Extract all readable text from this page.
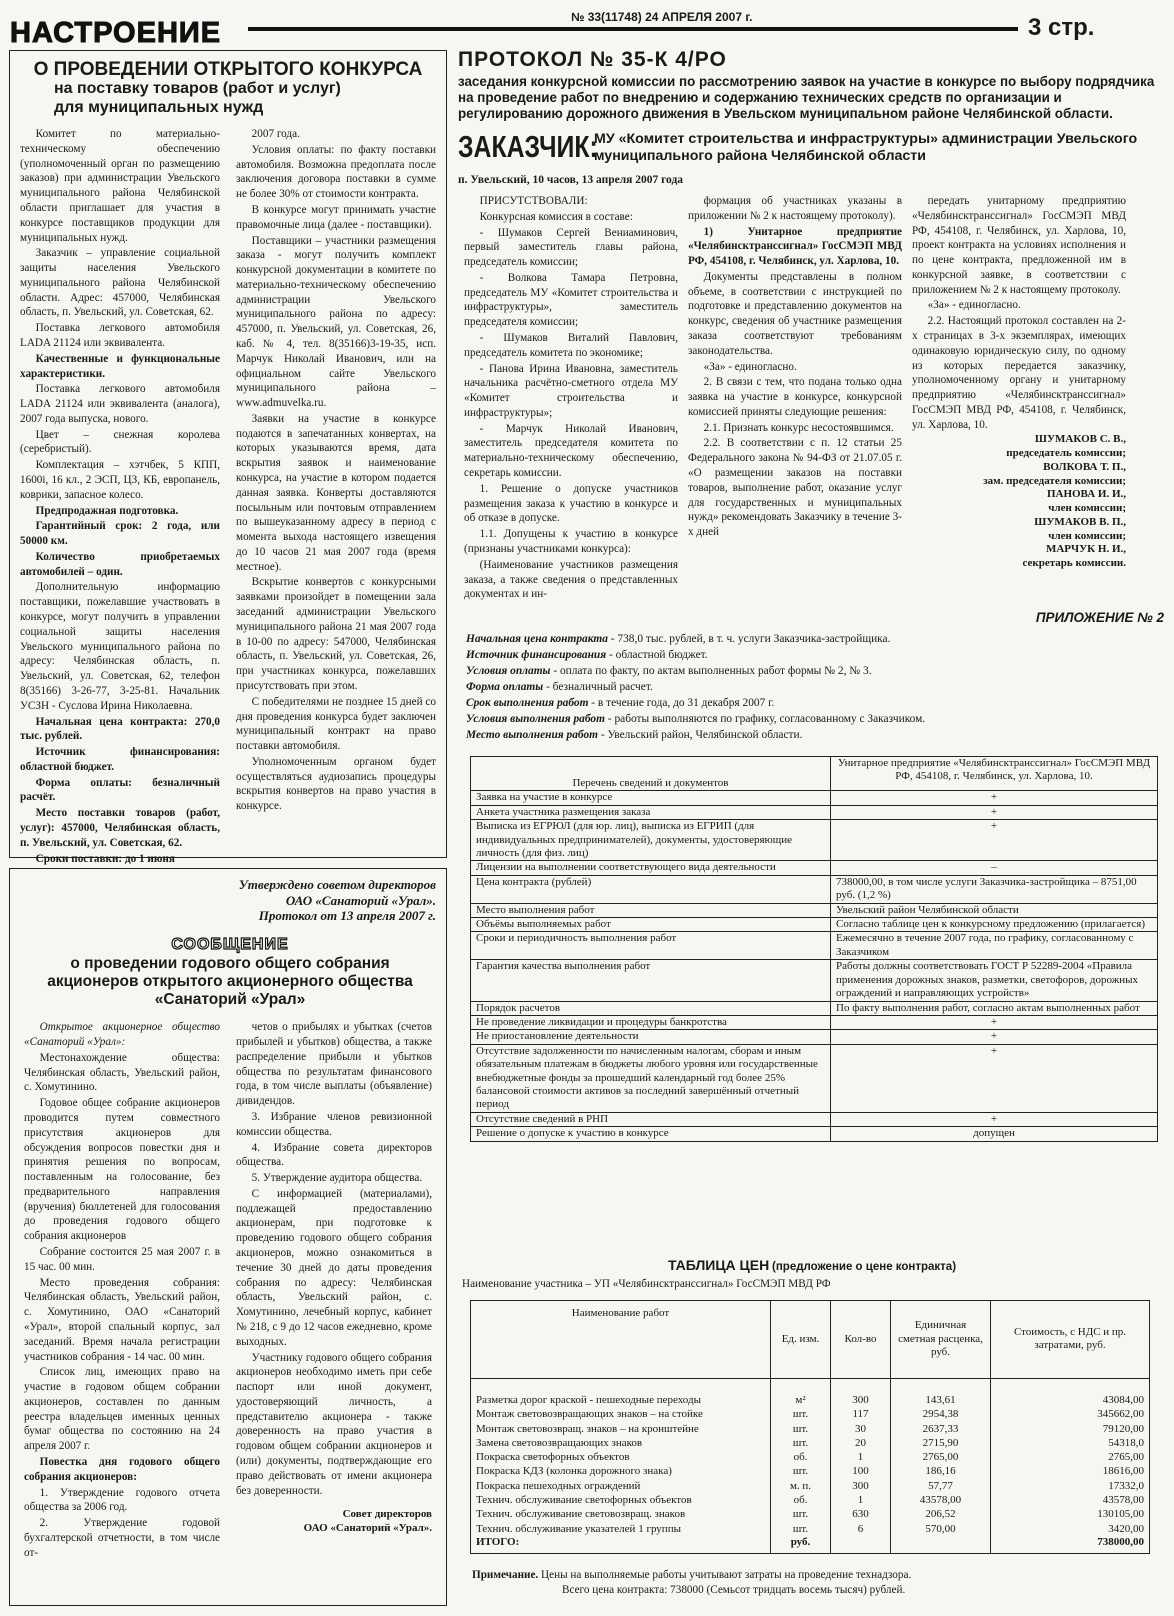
НАСТРОЕНИЕ	№ 33(11748) 24 АПРЕЛЯ 2007 г.	3 стр.
О ПРОВЕДЕНИИ ОТКРЫТОГО КОНКУРСА
на поставку товаров (работ и услуг)
для муниципальных нужд

Комитет по материально-техническому обеспечению (уполномоченный орган по размещению заказов) при администрации Увельского муниципального района Челябинской области приглашает для участия в конкурсе поставщиков продукции для муниципальных нужд.

Заказчик – управление социальной защиты населения Увельского муниципального района Челябинской области. Адрес: 457000, Челябинская область, п. Увельский, ул. Советская, 62.

Поставка легкового автомобиля LADA 21124 или эквивалента.

Качественные и функциональные характеристики.

Поставка легкового автомобиля LADA 21124 или эквивалента (аналога), 2007 года выпуска, нового.

Цвет – снежная королева (серебристый).

Комплектация – хэтчбек, 5 КПП, 1600i, 16 кл., 2 ЭСП, ЦЗ, КБ, европанель, коврики, запасное колесо.

Предпродажная подготовка.

Гарантийный срок: 2 года, или 50000 км.

Количество приобретаемых автомобилей – один.

Дополнительную информацию поставщики, пожелавшие участвовать в конкурсе, могут получить в управлении социальной защиты населения Увельского муниципального района по адресу: Челябинская область, п. Увельский, ул. Советская, 62, телефон 8(35166) 3-26-77, 3-25-81. Начальник УСЗН - Суслова Ирина Николаевна.

Начальная цена контракта: 270,0 тыс. рублей.

Источник финансирования: областной бюджет.

Форма оплаты: безналичный расчёт.

Место поставки товаров (работ, услуг): 457000, Челябинская область, п. Увельский, ул. Советская, 62.

Сроки поставки: до 1 июня

2007 года.

Условия оплаты: по факту поставки автомобиля. Возможна предоплата после заключения договора поставки в сумме не более 30% от стоимости контракта.

В конкурсе могут принимать участие правомочные лица (далее - поставщики).

Поставщики – участники размещения заказа - могут получить комплект конкурсной документации в комитете по материально-техническому обеспечению администрации Увельского муниципального района по адресу: 457000, п. Увельский, ул. Советская, 26, каб. № 4, тел. 8(35166)3-19-35, исп. Марчук Николай Иванович, или на официальном сайте Увельского муниципального района – www.admuvelka.ru.

Заявки на участие в конкурсе подаются в запечатанных конвертах, на которых указываются время, дата вскрытия заявок и наименование конкурса, на участие в котором подается данная заявка. Конверты доставляются посыльным или почтовым отправлением по вышеуказанному адресу в период с момента выхода настоящего извещения до 10 часов 21 мая 2007 года (время местное).

Вскрытие конвертов с конкурсными заявками произойдет в помещении зала заседаний администрации Увельского муниципального района 21 мая 2007 года в 10-00 по адресу: 547000, Челябинская область, п. Увельский, ул. Советская, 26, при участниках конкурса, пожелавших присутствовать при этом.

С победителями не позднее 15 дней со дня проведения конкурса будет заключен муниципальный контракт на право поставки автомобиля.

Уполномоченным органом будет осуществляться аудиозапись процедуры вскрытия конвертов на право участия в конкурсе.

Утверждено советом директоров
ОАО «Санаторий «Урал».
Протокол от 13 апреля 2007 г.
СООБЩЕНИЕ
о проведении годового общего собрания
акционеров открытого акционерного общества
«Санаторий «Урал»

Открытое акционерное общество «Санаторий «Урал»:

Местонахождение общества: Челябинская область, Увельский район, с. Хомутинино.

Годовое общее собрание акционеров проводится путем совместного присутствия акционеров для обсуждения вопросов повестки дня и принятия решения по вопросам, поставленным на голосование, без предварительного направления (вручения) бюллетеней для голосования до проведения годового общего собрания акционеров

Собрание состоится 25 мая 2007 г. в 15 час. 00 мин.

Место проведения собрания: Челябинская область, Увельский район, с. Хомутинино, ОАО «Санаторий «Урал», второй спальный корпус, зал заседаний. Время начала регистрации участников собрания - 14 час. 00 мин.

Список лиц, имеющих право на участие в годовом общем собрании акционеров, составлен по данным реестра владельцев именных ценных бумаг общества по состоянию на 24 апреля 2007 г.

Повестка дня годового общего собрания акционеров:

1. Утверждение годового отчета общества за 2006 год.

2. Утверждение годовой бухгалтерской отчетности, в том числе от-

четов о прибылях и убытках (счетов прибылей и убытков) общества, а также распределение прибыли и убытков общества по результатам финансового года, в том числе выплаты (объявление) дивидендов.

3. Избрание членов ревизионной комиссии общества.

4. Избрание совета директоров общества.

5. Утверждение аудитора общества.

С информацией (материалами), подлежащей предоставлению акционерам, при подготовке к проведению годового общего собрания акционеров, можно ознакомиться в течение 30 дней до даты проведения собрания по адресу: Челябинская область, Увельский район, с. Хомутинино, лечебный корпус, кабинет № 218, с 9 до 12 часов ежедневно, кроме выходных.

Участнику годового общего собрания акционеров необходимо иметь при себе паспорт или иной документ, удостоверяющий личность, а представителю акционера - также доверенность на право участия в годовом общем собрании акционеров и (или) документы, подтверждающие его право действовать от имени акционера без доверенности.

Совет директоров
ОАО «Санаторий «Урал».
ПРОТОКОЛ № 35-К 4/РО
заседания конкурсной комиссии по рассмотрению заявок на участие в конкурсе по выбору подрядчика на проведение работ по внедрению и содержанию технических средств по организации и регулированию дорожного движения в Увельском муниципальном районе Челябинской области.
ЗАКАЗЧИК:
МУ «Комитет строительства и инфраструктуры» администрации Увельского муниципального района Челябинской области
п. Увельский, 10 часов, 13 апреля 2007 года

ПРИСУТСТВОВАЛИ:

Конкурсная комиссия в составе:

- Шумаков Сергей Вениаминович, первый заместитель главы района, председатель комиссии;

- Волкова Тамара Петровна, председатель МУ «Комитет строительства и инфраструктуры», заместитель председателя комиссии;

- Шумаков Виталий Павлович, председатель комитета по экономике;

- Панова Ирина Ивановна, заместитель начальника расчётно-сметного отдела МУ «Комитет строительства и инфраструктуры»;

- Марчук Николай Иванович, заместитель председателя комитета по материально-техническому обеспечению, секретарь комиссии.

1. Решение о допуске участников размещения заказа к участию в конкурсе и об отказе в допуске.

1.1. Допущены к участию в конкурсе (признаны участниками конкурса):

(Наименование участников размещения заказа, а также сведения о представленных документах и ин-

формация об участниках указаны в приложении № 2 к настоящему протоколу).

1) Унитарное предприятие «Челябинсктранссигнал» ГосСМЭП МВД РФ, 454108, г. Челябинск, ул. Харлова, 10.

Документы представлены в полном объеме, в соответствии с инструкцией по подготовке и представлению документов на конкурс, сведения об участнике размещения заказа соответствуют требованиям законодательства.

«За» - единогласно.

2. В связи с тем, что подана только одна заявка на участие в конкурсе, конкурсной комиссией приняты следующие решения:

2.1. Признать конкурс несостоявшимся.

2.2. В соответствии с п. 12 статьи 25 Федерального закона № 94-ФЗ от 21.07.05 г. «О размещении заказов на поставки товаров, выполнение работ, оказание услуг для государственных и муниципальных нужд» рекомендовать Заказчику в течение 3-х дней

передать унитарному предприятию «Челябинсктранссигнал» ГосСМЭП МВД РФ, 454108, г. Челябинск, ул. Харлова, 10, проект контракта на условиях исполнения и по цене контракта, предложенной им в конкурсной заявке, в соответствии с приложением № 2 к настоящему протоколу.

«За» - единогласно.

2.2. Настоящий протокол составлен на 2-х страницах в 3-х экземплярах, имеющих одинаковую юридическую силу, по одному из которых передается заказчику, уполномоченному органу и унитарному предприятию «Челябинсктранссигнал» ГосСМЭП МВД РФ, 454108, г. Челябинск, ул. Харлова, 10.

ШУМАКОВ С. В.,
председатель комиссии;
ВОЛКОВА Т. П.,
зам. председателя комиссии;
ПАНОВА И. И.,
член комиссии;
ШУМАКОВ В. П.,
член комиссии;
МАРЧУК Н. И.,
секретарь комиссии.
ПРИЛОЖЕНИЕ № 2
Начальная цена контракта - 738,0 тыс. рублей, в т. ч. услуги Заказчика-застройщика.
Источник финансирования - областной бюджет.
Условия оплаты - оплата по факту, по актам выполненных работ формы № 2, № 3.
Форма оплаты - безналичный расчет.
Срок выполнения работ - в течение года, до 31 декабря 2007 г.
Условия выполнения работ - работы выполняются по графику, согласованному с Заказчиком.
Место выполнения работ - Увельский район, Челябинской области.
Перечень сведений и документов	Унитарное предприятие «Челябинсктранссигнал» ГосСМЭП МВД РФ, 454108, г. Челябинск, ул. Харлова, 10.
Заявка на участие в конкурсе	+
Анкета участника размещения заказа	+
Выписка из ЕГРЮЛ (для юр. лиц), выписка из ЕГРИП (для индивидуальных предпринимателей), документы, удостоверяющие личность (для физ. лиц)	+
Лицензии на выполнении соответствующего вида деятельности	–
Цена контракта (рублей)	738000,00, в том числе услуги Заказчика-застройщика – 8751,00 руб. (1,2 %)
Место выполнения работ	Увельский район Челябинской области
Объёмы выполняемых работ	Согласно таблице цен к конкурсному предложению (прилагается)
Сроки и периодичность выполнения работ	Ежемесячно в течение 2007 года, по графику, согласованному с Заказчиком
Гарантия качества выполнения работ	Работы должны соответствовать ГОСТ Р 52289-2004 «Правила применения дорожных знаков, разметки, светофоров, дорожных ограждений и направляющих устройств»
Порядок расчетов	По факту выполнения работ, согласно актам выполненных работ
Не проведение ликвидации и процедуры банкротства	+
Не приостановление деятельности	+
Отсутствие задолженности по начисленным налогам, сборам и иным обязательным платежам в бюджеты любого уровня или государственные внебюджетные фонды за прошедший календарный год более 25% балансовой стоимости активов за последний завершённый отчетный период	+
Отсутствие сведений в РНП	+
Решение о допуске к участию в конкурсе	допущен
ТАБЛИЦА ЦЕН (предложение о цене контракта)
Наименование участника – УП «Челябинсктранссигнал» ГосСМЭП МВД РФ
Наименование работ	Ед. изм.	Кол-во	Единичная сметная расценка, руб.	Стоимость, с НДС и пр. затратами, руб.
Разметка дорог краской - пешеходные переходы	м²	300	143,61	43084,00
Монтаж световозвращающих знаков – на стойке	шт.	117	2954,38	345662,00
Монтаж световозвращ. знаков – на кронштейне	шт.	30	2637,33	79120,00
Замена световозвращающих знаков	шт.	20	2715,90	54318,0
Покраска светофорных объектов	об.	1	2765,00	2765,00
Покраска КДЗ (колонка дорожного знака)	шт.	100	186,16	18616,00
Покраска пешеходных ограждений	м. п.	300	57,77	17332,0
Технич. обслуживание светофорных объектов	об.	1	43578,00	43578,00
Технич. обслуживание световозвращ. знаков	шт.	630	206,52	130105,00
Технич. обслуживание указателей 1 группы	шт.	6	570,00	3420,00
ИТОГО:	руб.			738000,00
Примечание. Цены на выполняемые работы учитывают затраты на проведение технадзора.
Всего цена контракта: 738000 (Семьсот тридцать восемь тысяч) рублей.
